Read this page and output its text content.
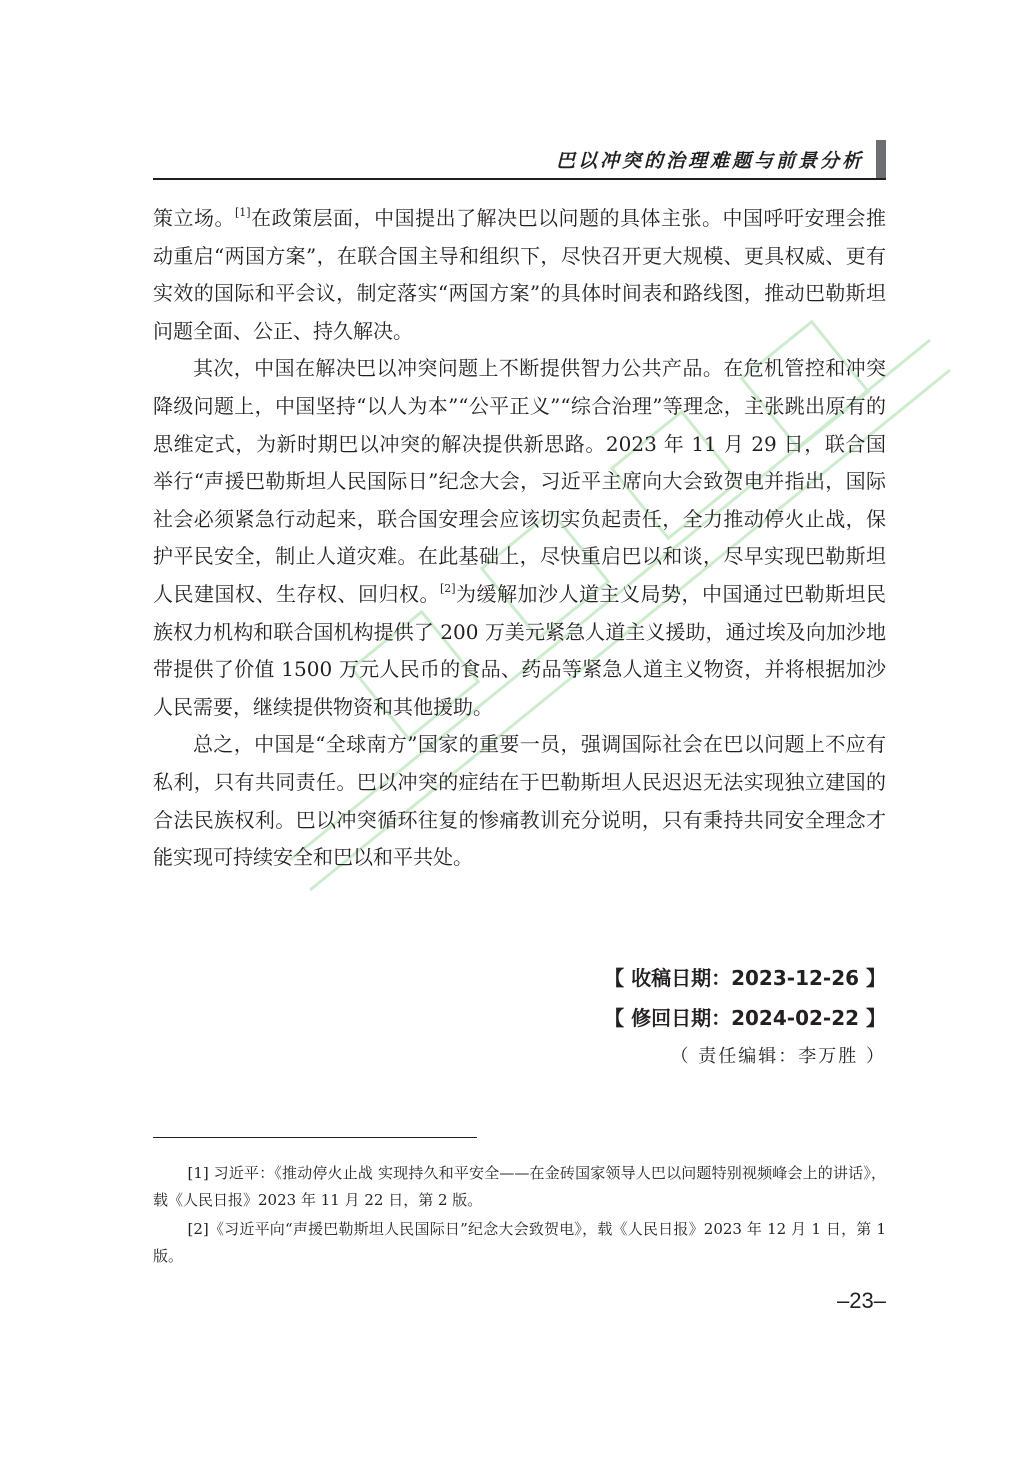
巴以冲突的治理难题与前景分析

策立场。[1]在政策层面，中国提出了解决巴以问题的具体主张。中国呼吁安理会推动重启“两国方案”，在联合国主导和组织下，尽快召开更大规模、更具权威、更有实效的国际和平会议，制定落实“两国方案”的具体时间表和路线图，推动巴勒斯坦问题全面、公正、持久解决。

其次，中国在解决巴以冲突问题上不断提供智力公共产品。在危机管控和冲突降级问题上，中国坚持“以人为本”“公平正义”“综合治理”等理念，主张跳出原有的思维定式，为新时期巴以冲突的解决提供新思路。2023 年 11 月 29 日，联合国举行“声援巴勒斯坦人民国际日”纪念大会，习近平主席向大会致贺电并指出，国际社会必须紧急行动起来，联合国安理会应该切实负起责任，全力推动停火止战，保护平民安全，制止人道灾难。在此基础上，尽快重启巴以和谈，尽早实现巴勒斯坦人民建国权、生存权、回归权。[2]为缓解加沙人道主义局势，中国通过巴勒斯坦民族权力机构和联合国机构提供了 200 万美元紧急人道主义援助，通过埃及向加沙地带提供了价值 1500 万元人民币的食品、药品等紧急人道主义物资，并将根据加沙人民需要，继续提供物资和其他援助。

总之，中国是“全球南方”国家的重要一员，强调国际社会在巴以问题上不应有私利，只有共同责任。巴以冲突的症结在于巴勒斯坦人民迟迟无法实现独立建国的合法民族权利。巴以冲突循环往复的惨痛教训充分说明，只有秉持共同安全理念才能实现可持续安全和巴以和平共处。

【 收稿日期：2023-12-26 】
【 修回日期：2024-02-22 】
（ 责任编辑：李万胜 ）

[1] 习近平：《推动停火止战 实现持久和平安全——在金砖国家领导人巴以问题特别视频峰会上的讲话》，载《人民日报》2023 年 11 月 22 日，第 2 版。

[2]《习近平向“声援巴勒斯坦人民国际日”纪念大会致贺电》，载《人民日报》2023 年 12 月 1 日，第 1 版。

–23–
